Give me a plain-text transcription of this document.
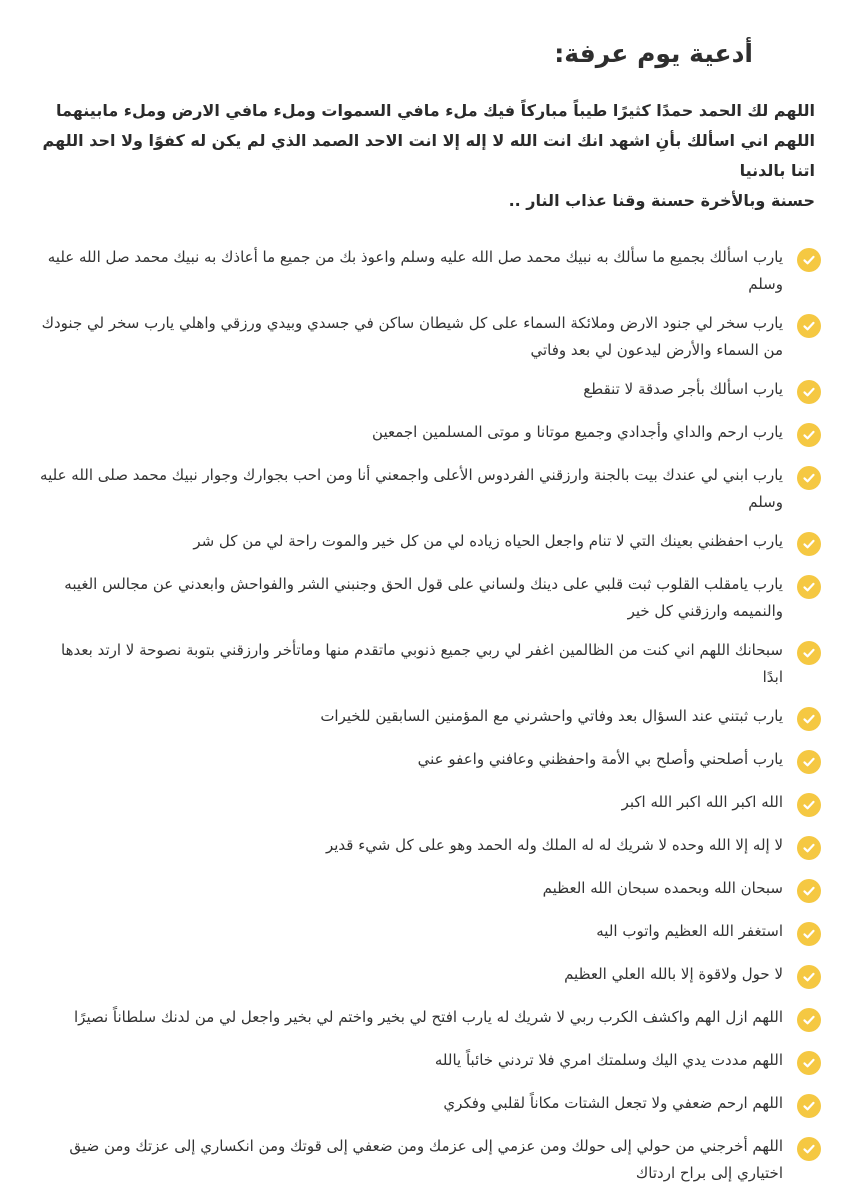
أدعية يوم عرفة:
اللهم لك الحمد حمدًا كثيرًا طيباً مباركاً فيك ملء مافي السموات وملء مافي الارض وملء مابينهما
اللهم اني اسألك بأنِ اشهد انك انت الله لا إله إلا انت الاحد الصمد الذي لم يكن له كفوًا ولا احد اللهم اتنا بالدنيا
حسنة وبالأخرة حسنة وقنا عذاب النار ..
يارب اسألك بجميع ما سألك به نبيك محمد صل الله عليه وسلم واعوذ بك من جميع ما أعاذك به نبيك محمد صل الله عليه وسلم
يارب سخر لي جنود الارض وملائكة السماء على كل شيطان ساكن في جسدي وبيدي ورزقي واهلي يارب سخر لي جنودك من السماء والأرض ليدعون لي بعد وفاتي
يارب اسألك بأجر صدقة لا تنقطع
يارب ارحم والداي وأجدادي وجميع موتانا و موتى المسلمين اجمعين
يارب ابني لي عندك بيت بالجنة وارزقني الفردوس الأعلى واجمعني أنا ومن احب بجوارك وجوار نبيك محمد صلى الله عليه وسلم
يارب احفظني بعينك التي لا تنام واجعل الحياه زياده لي من كل خير والموت راحة لي من كل شر
يارب يامقلب القلوب ثبت قلبي على دينك ولساني على قول الحق وجنبني الشر والفواحش وابعدني عن مجالس الغيبه والنميمه وارزقني كل خير
سبحانك اللهم اني كنت من الظالمين اغفر لي ربي جميع ذنوبي ماتقدم منها وماتأخر وارزقني بتوبة نصوحة لا ارتد بعدها ابدًا
يارب ثبتني عند السؤال بعد وفاتي واحشرني مع المؤمنين السابقين للخيرات
يارب أصلحني وأصلح بي الأمة واحفظني وعافني واعفو عني
الله اكبر الله اكبر الله اكبر
لا إله إلا الله وحده لا شريك له له الملك وله الحمد وهو على كل شيء قدير
سبحان الله وبحمده سبحان الله العظيم
استغفر الله العظيم واتوب اليه
لا حول ولاقوة إلا بالله العلي العظيم
اللهم ازل الهم واكشف الكرب ربي لا شريك له يارب افتح لي بخير واختم لي بخير واجعل لي من لدنك سلطاناً نصيرًا
اللهم مددت يدي اليك وسلمتك امري فلا تردني خائباً يالله
اللهم ارحم ضعفي ولا تجعل الشتات مكاناً لقلبي وفكري
اللهم أخرجني من حولي إلى حولك ومن عزمي إلى عزمك ومن ضعفي إلى قوتك ومن انكساري إلى عزتك ومن ضيق اختياري إلى براح اردتاك
